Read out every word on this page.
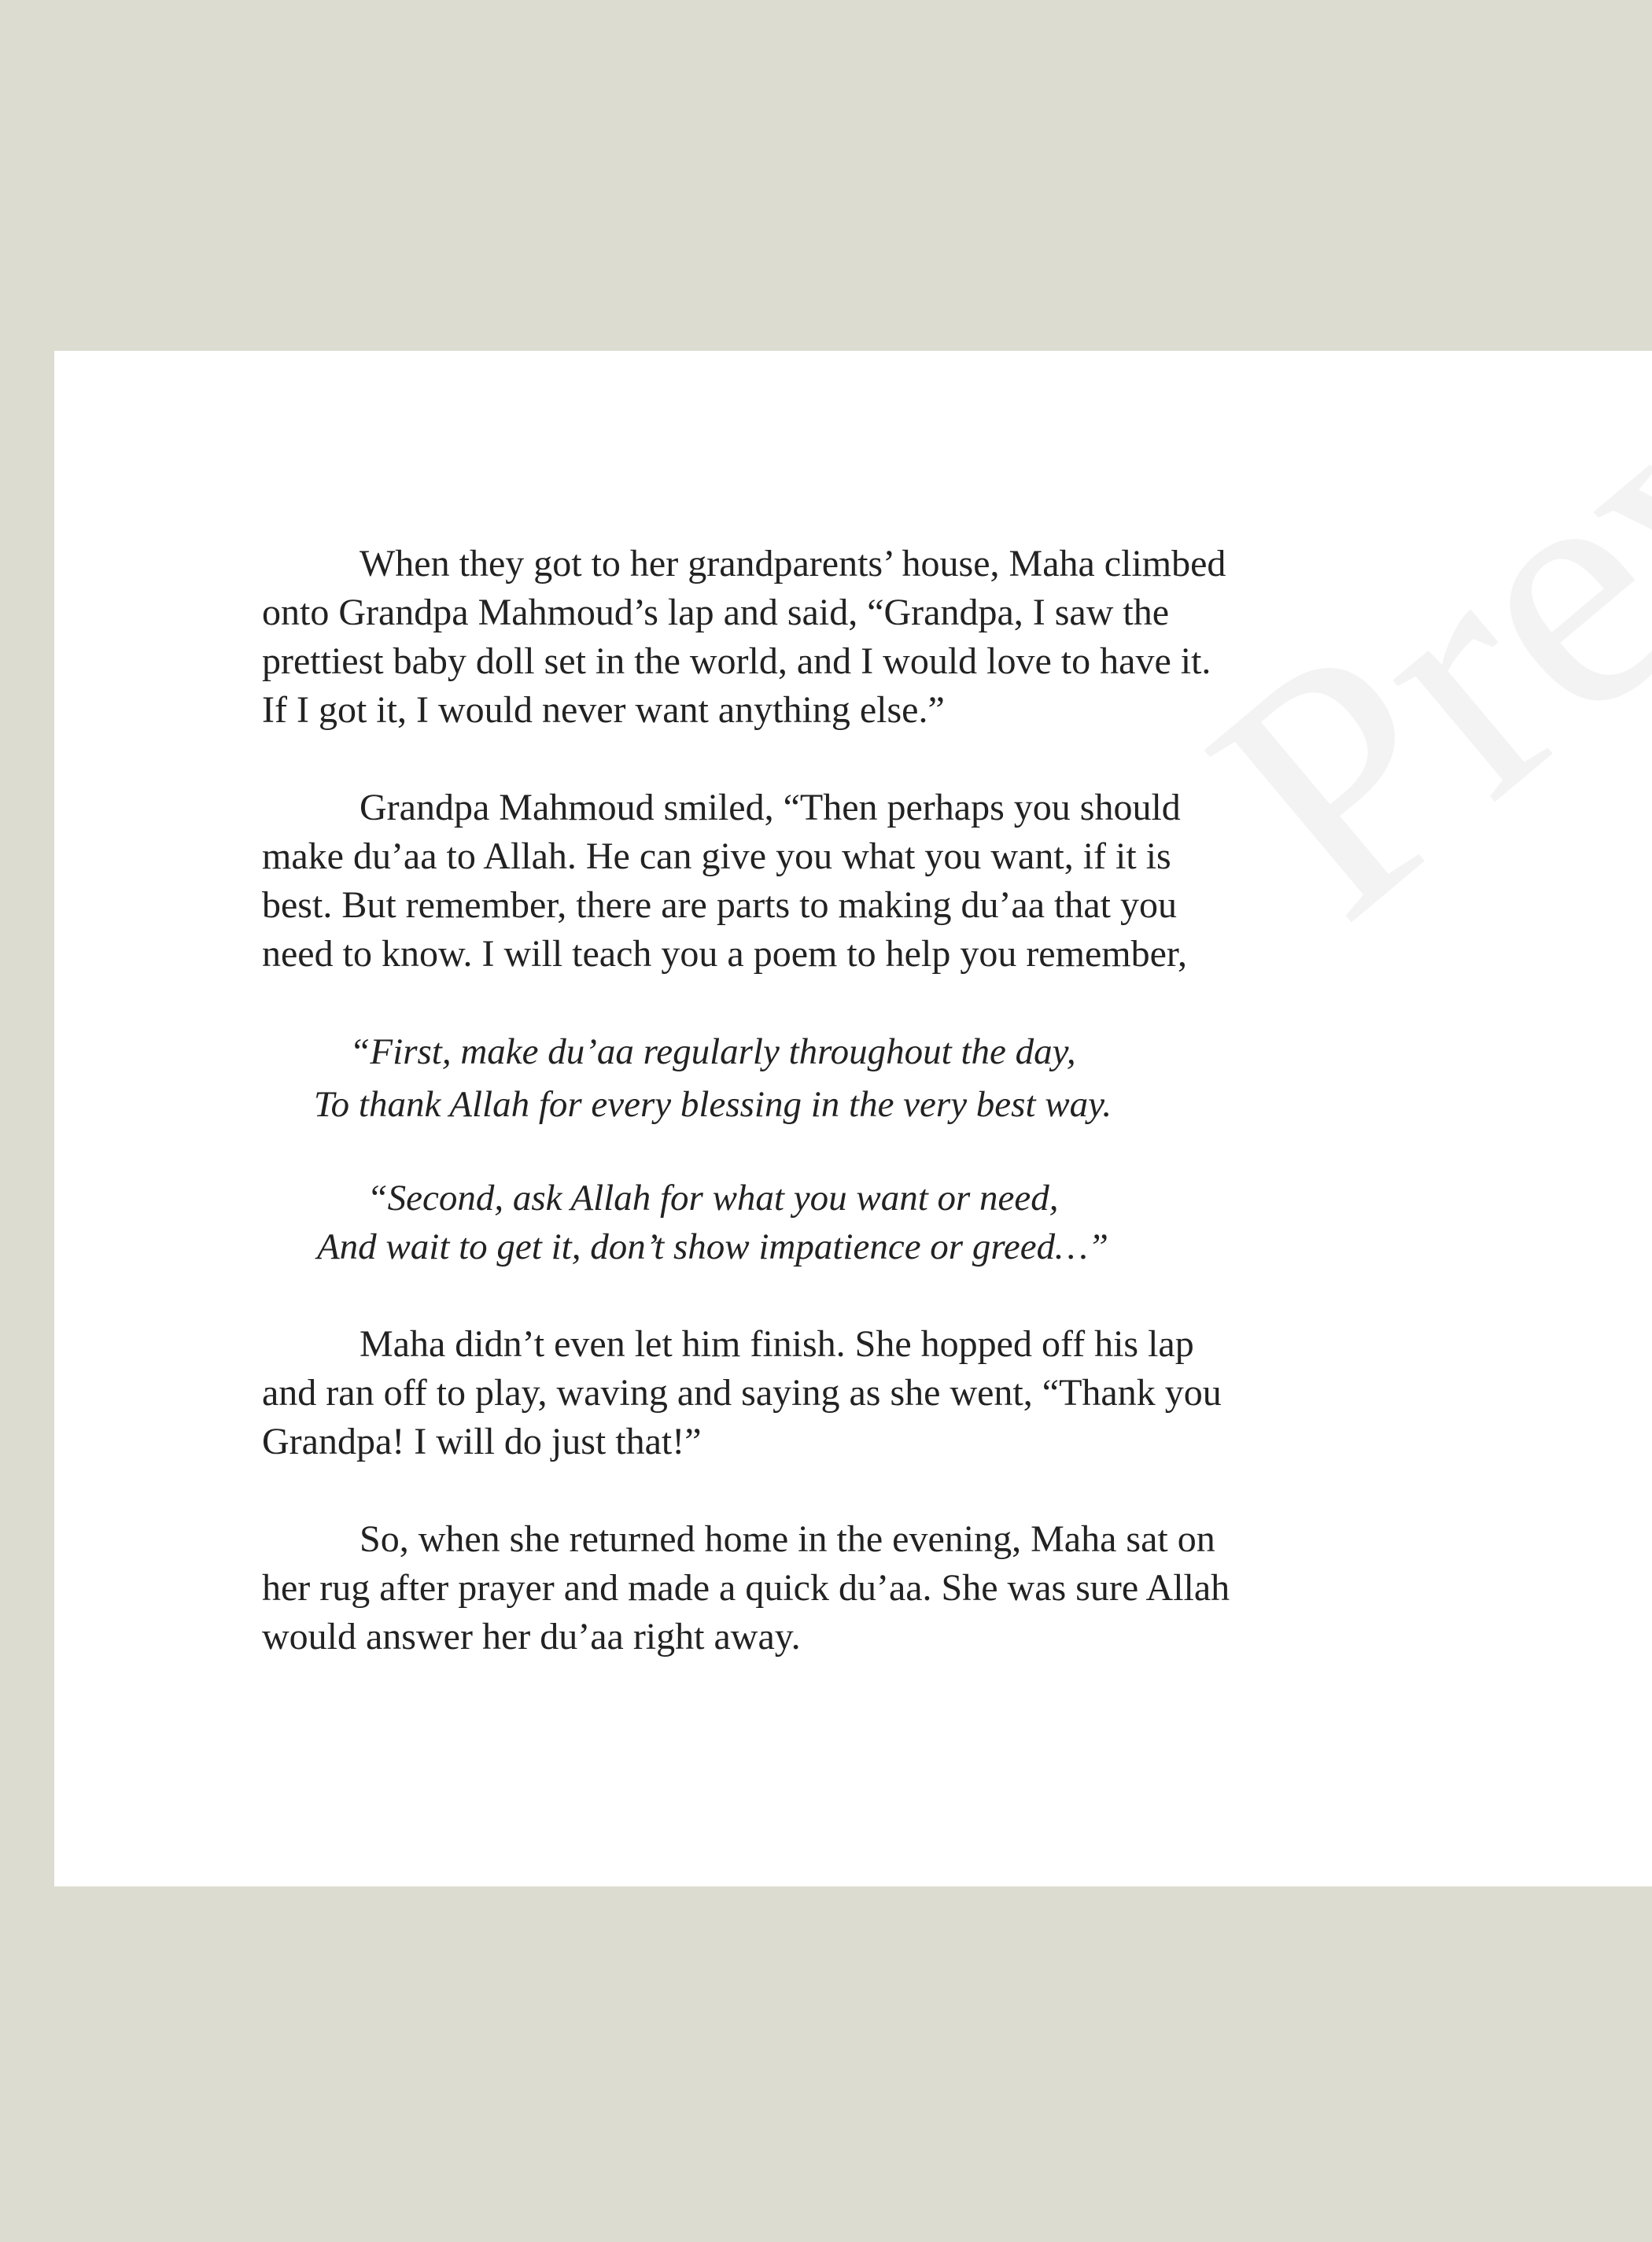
When they got to her grandparents’ house, Maha climbed
onto Grandpa Mahmoud’s lap and said, “Grandpa, I saw the
prettiest baby doll set in the world, and I would love to have it.
If I got it, I would never want anything else.”

Grandpa Mahmoud smiled, “Then perhaps you should
make du’aa to Allah. He can give you what you want, if it is
best. But remember, there are parts to making du’aa that you
need to know. I will teach you a poem to help you remember,

“First, make du’aa regularly throughout the day,
To thank Allah for every blessing in the very best way.
“Second, ask Allah for what you want or need,
And wait to get it, don’t show impatience or greed…”

Maha didn’t even let him finish. She hopped off his lap
and ran off to play, waving and saying as she went, “Thank you
Grandpa! I will do just that!”

So, when she returned home in the evening, Maha sat on
her rug after prayer and made a quick du’aa. She was sure Allah
would answer her du’aa right away.
